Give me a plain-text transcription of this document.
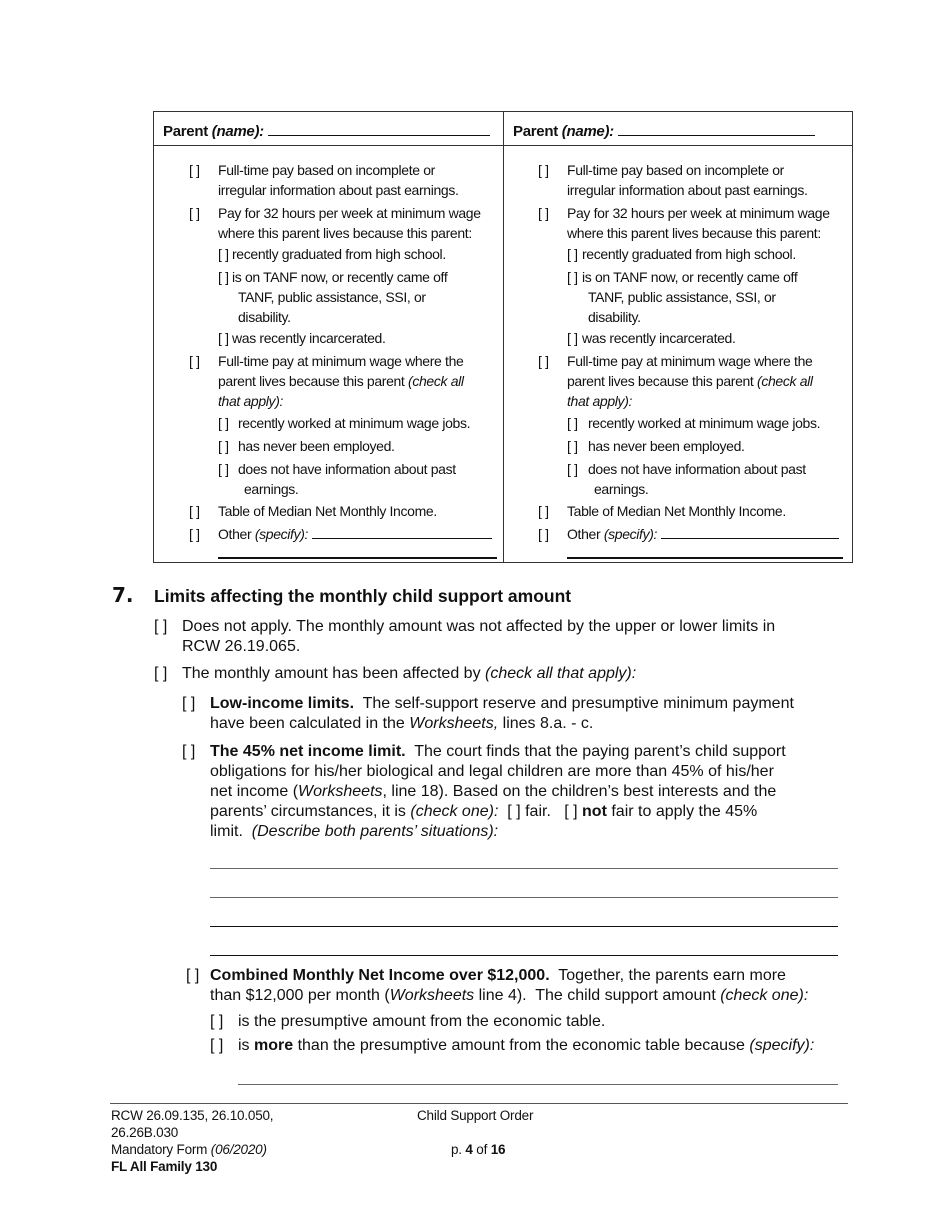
Parent (name):
[ ] Full-time pay based on incomplete or
irregular information about past earnings.
[ ] Pay for 32 hours per week at minimum wage
where this parent lives because this parent:
[ ] recently graduated from high school.
[ ] is on TANF now, or recently came off
TANF, public assistance, SSI, or
disability.
[ ] was recently incarcerated.
[ ] Full-time pay at minimum wage where the
parent lives because this parent (check all
that apply):
[ ] recently worked at minimum wage jobs.
[ ] has never been employed.
[ ] does not have information about past
earnings.
[ ] Table of Median Net Monthly Income.
[ ] Other (specify):
Parent (name):
[ ] Full-time pay based on incomplete or
irregular information about past earnings.
[ ] Pay for 32 hours per week at minimum wage
where this parent lives because this parent:
[ ] recently graduated from high school.
[ ] is on TANF now, or recently came off
TANF, public assistance, SSI, or
disability.
[ ] was recently incarcerated.
[ ] Full-time pay at minimum wage where the
parent lives because this parent (check all
that apply):
[ ] recently worked at minimum wage jobs.
[ ] has never been employed.
[ ] does not have information about past
earnings.
[ ] Table of Median Net Monthly Income.
[ ] Other (specify):
7. Limits affecting the monthly child support amount
[ ] Does not apply. The monthly amount was not affected by the upper or lower limits in
RCW 26.19.065.
[ ] The monthly amount has been affected by (check all that apply):
[ ] Low-income limits.  The self-support reserve and presumptive minimum payment
have been calculated in the Worksheets, lines 8.a. - c.
[ ] The 45% net income limit.  The court finds that the paying parent’s child support
obligations for his/her biological and legal children are more than 45% of his/her
net income (Worksheets, line 18). Based on the children’s best interests and the
parents’ circumstances, it is (check one): [ ] fair. [ ] not fair to apply the 45%
limit.  (Describe both parents’ situations):
[ ] Combined Monthly Net Income over $12,000.  Together, the parents earn more
than $12,000 per month (Worksheets line 4).  The child support amount (check one):
[ ] is the presumptive amount from the economic table.
[ ] is more than the presumptive amount from the economic table because (specify):
RCW 26.09.135, 26.10.050,
26.26B.030
Mandatory Form (06/2020)
FL All Family 130
Child Support Order
p. 4 of 16
